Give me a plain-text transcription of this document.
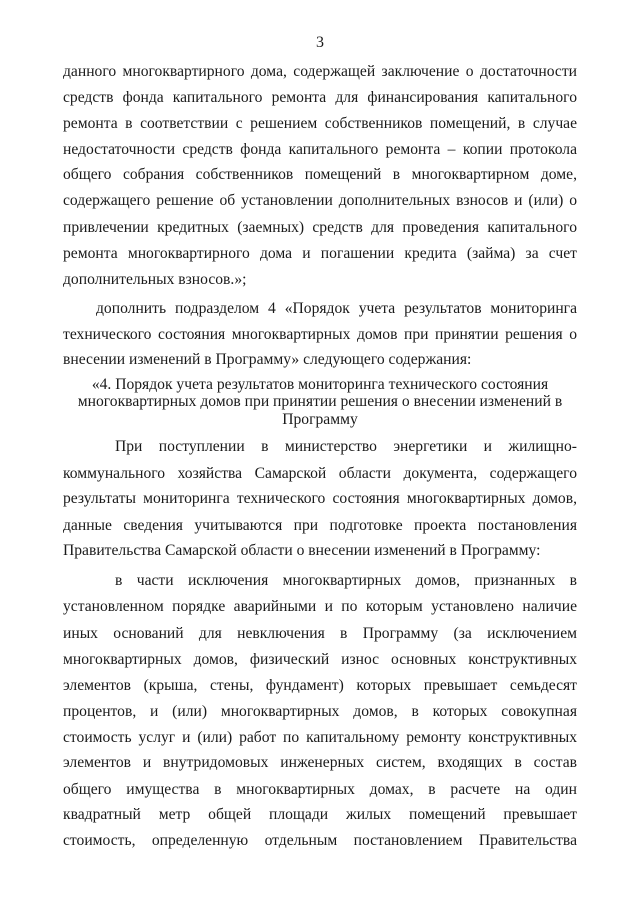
3
данного многоквартирного дома, содержащей заключение о достаточности
средств фонда капитального ремонта для финансирования капитального
ремонта в соответствии с решением собственников помещений, в случае
недостаточности средств фонда капитального ремонта – копии протокола
общего собрания собственников помещений в многоквартирном доме,
содержащего решение об установлении дополнительных взносов и (или) о
привлечении кредитных (заемных) средств для проведения капитального
ремонта многоквартирного дома и погашении кредита (займа) за счет
дополнительных взносов.»;
дополнить подразделом 4 «Порядок учета результатов мониторинга
технического состояния многоквартирных домов при принятии решения о
внесении изменений в Программу» следующего содержания:
«4. Порядок учета результатов мониторинга технического состояния
многоквартирных домов при принятии решения о внесении изменений в
Программу
При поступлении в министерство энергетики и жилищно-
коммунального хозяйства Самарской области документа, содержащего
результаты мониторинга технического состояния многоквартирных домов,
данные сведения учитываются при подготовке проекта постановления
Правительства Самарской области о внесении изменений в Программу:
в части исключения многоквартирных домов, признанных в
установленном порядке аварийными и по которым установлено наличие
иных оснований для невключения в Программу (за исключением
многоквартирных домов, физический износ основных конструктивных
элементов (крыша, стены, фундамент) которых превышает семьдесят
процентов, и (или) многоквартирных домов, в которых совокупная
стоимость услуг и (или) работ по капитальному ремонту конструктивных
элементов и внутридомовых инженерных систем, входящих в состав
общего имущества в многоквартирных домах, в расчете на один
квадратный метр общей площади жилых помещений превышает
стоимость, определенную отдельным постановлением Правительства
